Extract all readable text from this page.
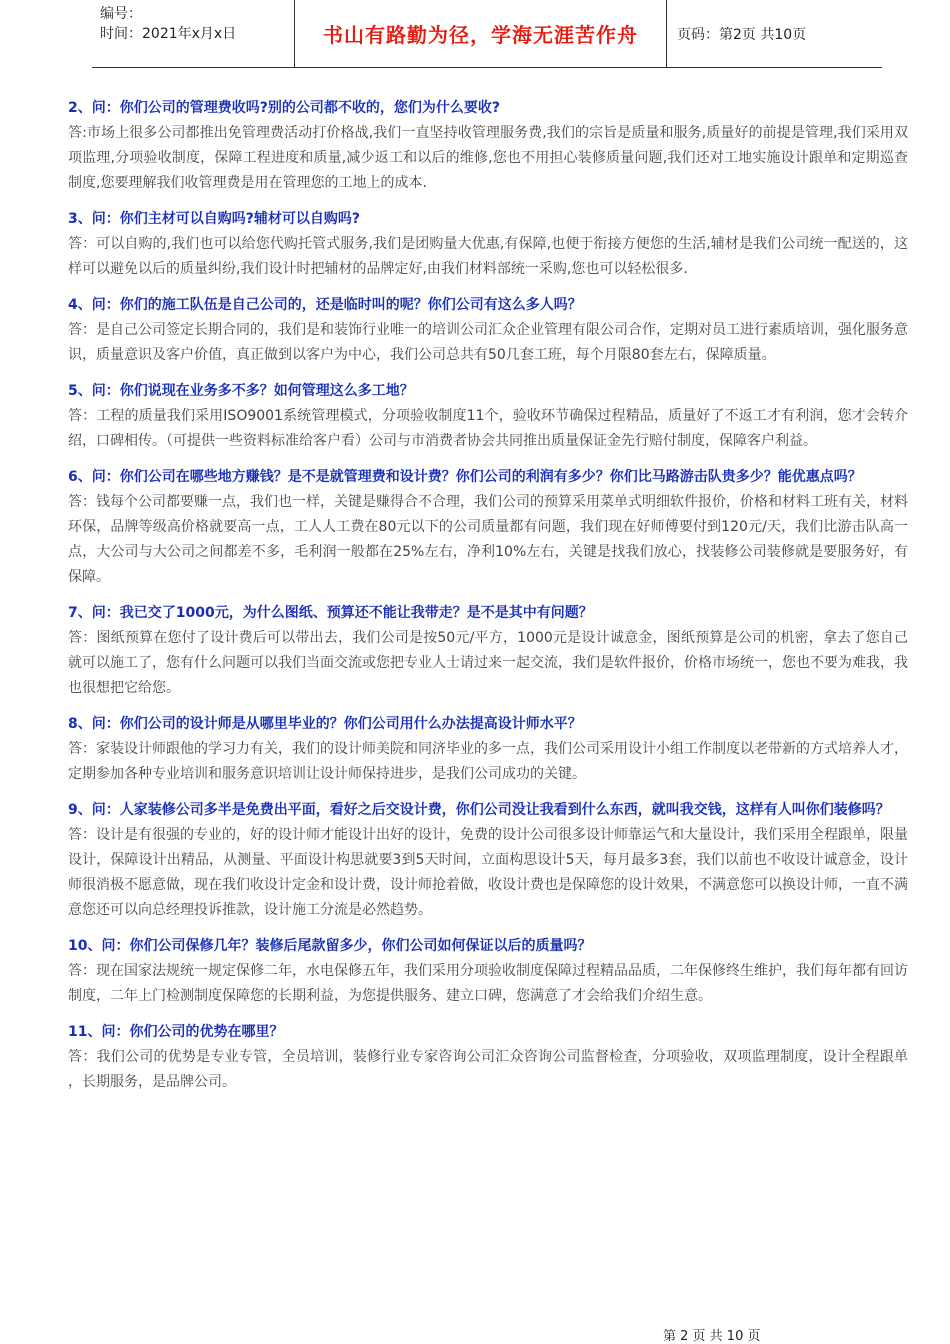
编号：
时间：2021年x月x日	书山有路勤为径，学海无涯苦作舟	页码：第2页 共10页

2、问：你们公司的管理费收吗?别的公司都不收的，您们为什么要收?

答:市场上很多公司都推出免管理费活动打价格战,我们一直坚持收管理服务费,我们的宗旨是质量和服务,质量好的前提是管理,我们采用双项监理,分项验收制度，保障工程进度和质量,减少返工和以后的维修,您也不用担心装修质量问题,我们还对工地实施设计跟单和定期巡查制度,您要理解我们收管理费是用在管理您的工地上的成本.

3、问：你们主材可以自购吗?辅材可以自购吗?

答：可以自购的,我们也可以给您代购托管式服务,我们是团购量大优惠,有保障,也便于衔接方便您的生活,辅材是我们公司统一配送的，这样可以避免以后的质量纠纷,我们设计时把辅材的品牌定好,由我们材料部统一采购,您也可以轻松很多.

4、问：你们的施工队伍是自己公司的，还是临时叫的呢？你们公司有这么多人吗？

答：是自己公司签定长期合同的，我们是和装饰行业唯一的培训公司汇众企业管理有限公司合作，定期对员工进行素质培训，强化服务意识，质量意识及客户价值，真正做到以客户为中心，我们公司总共有50几套工班，每个月限80套左右，保障质量。

5、问：你们说现在业务多不多？如何管理这么多工地？

答：工程的质量我们采用ISO9001系统管理模式，分项验收制度11个，验收环节确保过程精品，质量好了不返工才有利润，您才会转介绍，口碑相传。（可提供一些资料标准给客户看）公司与市消费者协会共同推出质量保证金先行赔付制度，保障客户利益。

6、问：你们公司在哪些地方赚钱？是不是就管理费和设计费？你们公司的利润有多少？你们比马路游击队贵多少？能优惠点吗？

答：钱每个公司都要赚一点，我们也一样，关键是赚得合不合理，我们公司的预算采用菜单式明细软件报价，价格和材料工班有关，材料环保，品牌等级高价格就要高一点，工人人工费在80元以下的公司质量都有问题，我们现在好师傅要付到120元/天，我们比游击队高一点，大公司与大公司之间都差不多，毛利润一般都在25%左右，净利10%左右，关键是找我们放心，找装修公司装修就是要服务好，有保障。

7、问：我已交了1000元，为什么图纸、预算还不能让我带走？是不是其中有问题？

答：图纸预算在您付了设计费后可以带出去，我们公司是按50元/平方，1000元是设计诚意金，图纸预算是公司的机密，拿去了您自己就可以施工了，您有什么问题可以我们当面交流或您把专业人士请过来一起交流，我们是软件报价，价格市场统一，您也不要为难我，我也很想把它给您。

8、问：你们公司的设计师是从哪里毕业的？你们公司用什么办法提高设计师水平？

答：家装设计师跟他的学习力有关，我们的设计师美院和同济毕业的多一点，我们公司采用设计小组工作制度以老带新的方式培养人才，定期参加各种专业培训和服务意识培训让设计师保持进步，是我们公司成功的关键。

9、问：人家装修公司多半是免费出平面，看好之后交设计费，你们公司没让我看到什么东西，就叫我交钱，这样有人叫你们装修吗？

答：设计是有很强的专业的，好的设计师才能设计出好的设计，免费的设计公司很多设计师靠运气和大量设计，我们采用全程跟单，限量设计，保障设计出精品，从测量、平面设计构思就要3到5天时间，立面构思设计5天，每月最多3套，我们以前也不收设计诚意金，设计师很消极不愿意做，现在我们收设计定金和设计费，设计师抢着做，收设计费也是保障您的设计效果，不满意您可以换设计师，一直不满意您还可以向总经理投诉推款，设计施工分流是必然趋势。

10、问：你们公司保修几年？装修后尾款留多少，你们公司如何保证以后的质量吗？

答：现在国家法规统一规定保修二年，水电保修五年，我们采用分项验收制度保障过程精品品质，二年保修终生维护，我们每年都有回访制度，二年上门检测制度保障您的长期利益，为您提供服务、建立口碑，您满意了才会给我们介绍生意。

11、问：你们公司的优势在哪里？

答：我们公司的优势是专业专管，全员培训，装修行业专家咨询公司汇众咨询公司监督检查，分项验收，双项监理制度，设计全程跟单 ，长期服务，是品牌公司。

第 2 页 共 10 页
